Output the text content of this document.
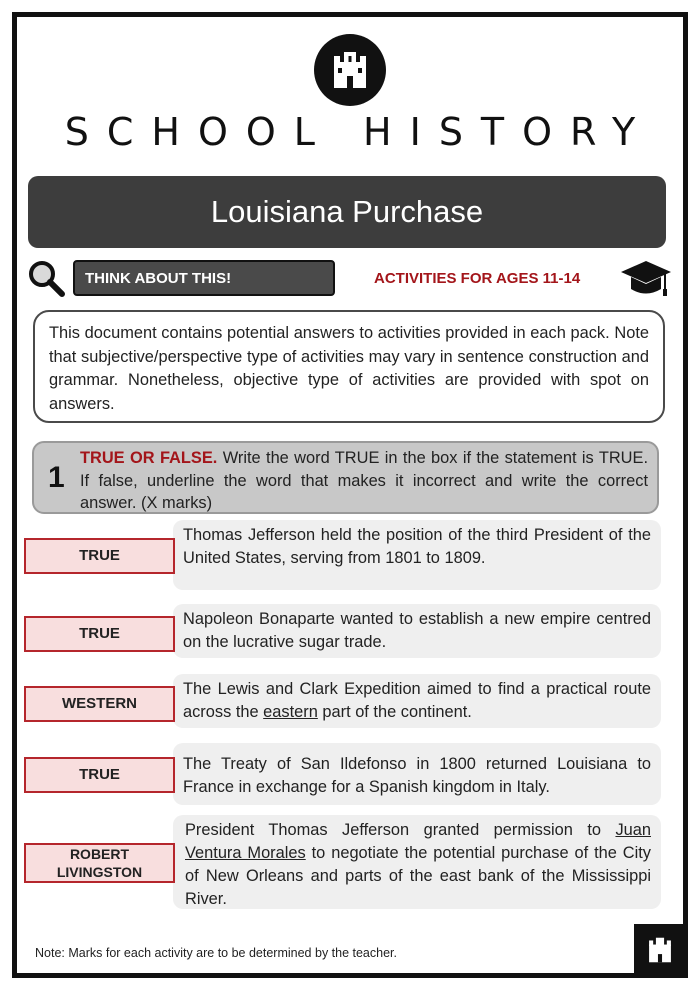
SCHOOL HISTORY
Louisiana Purchase
THINK ABOUT THIS!	ACTIVITIES FOR AGES 11-14
This document contains potential answers to activities provided in each pack. Note that subjective/perspective type of activities may vary in sentence construction and grammar. Nonetheless, objective type of activities are provided with spot on answers.
1
TRUE OR FALSE. Write the word TRUE in the box if the statement is TRUE. If false, underline the word that makes it incorrect and write the correct answer. (X marks)
Thomas Jefferson held the position of the third President of the United States, serving from 1801 to 1809.
TRUE
Napoleon Bonaparte wanted to establish a new empire centred on the lucrative sugar trade.
TRUE
The Lewis and Clark Expedition aimed to find a practical route across the eastern part of the continent.
WESTERN
The Treaty of San Ildefonso in 1800 returned Louisiana to France in exchange for a Spanish kingdom in Italy.
TRUE
President Thomas Jefferson granted permission to Juan Ventura Morales to negotiate the potential purchase of the City of New Orleans and parts of the east bank of the Mississippi River.
ROBERT LIVINGSTON
Note: Marks for each activity are to be determined by the teacher.
